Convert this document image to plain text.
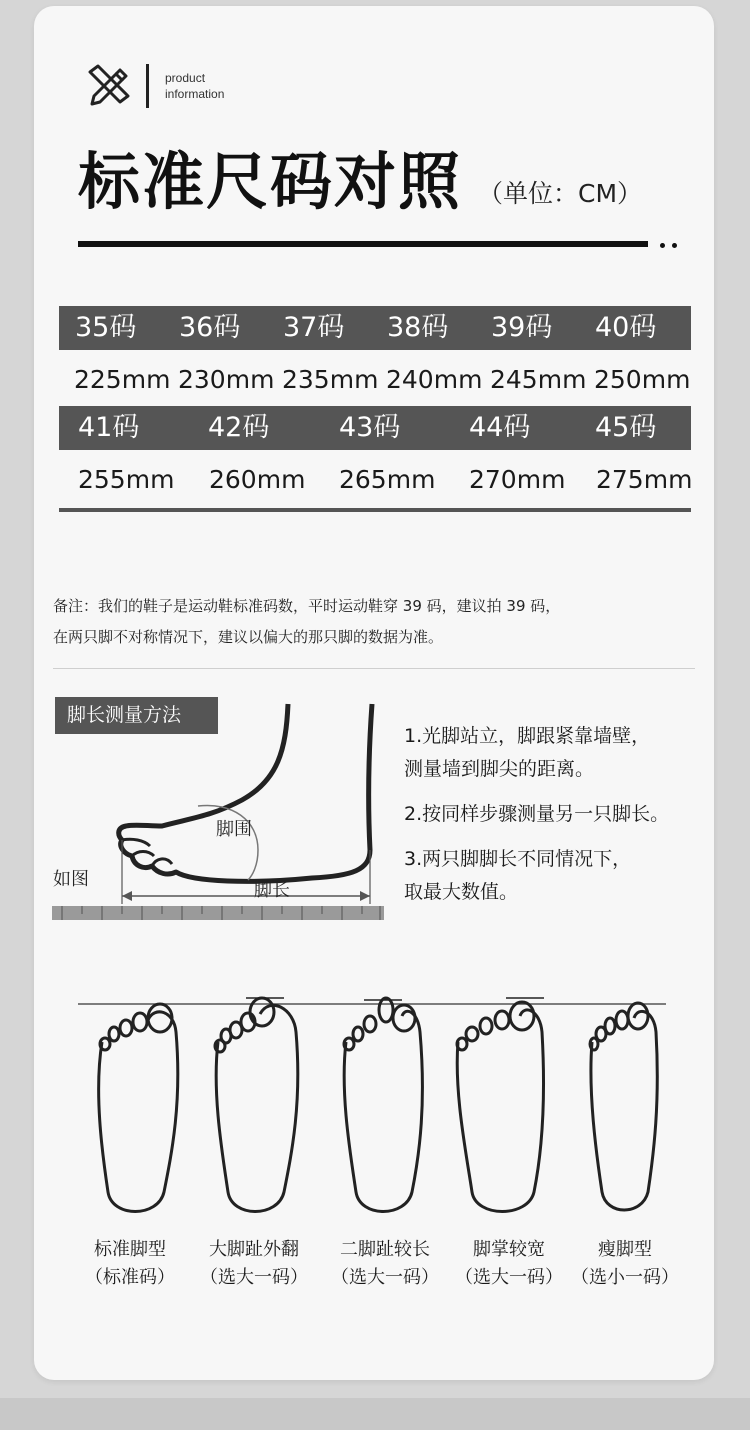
product
information
标准尺码对照 （单位：CM）
35码 36码 37码 38码 39码 40码
225mm 230mm 235mm 240mm 245mm 250mm
41码	42码	43码	44码 45码
255mm 260mm 265mm 270mm 275mm
备注：我们的鞋子是运动鞋标准码数，平时运动鞋穿 39 码，建议拍 39 码，
在两只脚不对称情况下，建议以偏大的那只脚的数据为准。
脚长测量方法
脚围
脚长
如图
1.光脚站立，脚跟紧靠墙壁，
测量墙到脚尖的距离。
2.按同样步骤测量另一只脚长。
3.两只脚脚长不同情况下，
取最大数值。
标准脚型
（标准码）
大脚趾外翻
（选大一码）
二脚趾较长
（选大一码）
脚掌较宽
（选大一码）
瘦脚型
（选小一码）
